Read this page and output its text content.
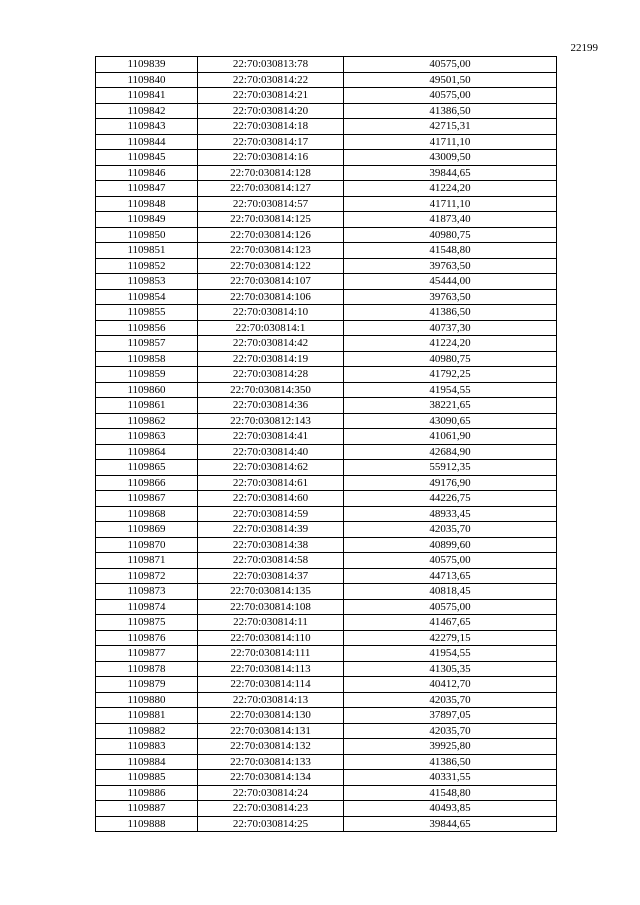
22199
1109839	22:70:030813:78	40575,00
1109840	22:70:030814:22	49501,50
1109841	22:70:030814:21	40575,00
1109842	22:70:030814:20	41386,50
1109843	22:70:030814:18	42715,31
1109844	22:70:030814:17	41711,10
1109845	22:70:030814:16	43009,50
1109846	22:70:030814:128	39844,65
1109847	22:70:030814:127	41224,20
1109848	22:70:030814:57	41711,10
1109849	22:70:030814:125	41873,40
1109850	22:70:030814:126	40980,75
1109851	22:70:030814:123	41548,80
1109852	22:70:030814:122	39763,50
1109853	22:70:030814:107	45444,00
1109854	22:70:030814:106	39763,50
1109855	22:70:030814:10	41386,50
1109856	22:70:030814:1	40737,30
1109857	22:70:030814:42	41224,20
1109858	22:70:030814:19	40980,75
1109859	22:70:030814:28	41792,25
1109860	22:70:030814:350	41954,55
1109861	22:70:030814:36	38221,65
1109862	22:70:030812:143	43090,65
1109863	22:70:030814:41	41061,90
1109864	22:70:030814:40	42684,90
1109865	22:70:030814:62	55912,35
1109866	22:70:030814:61	49176,90
1109867	22:70:030814:60	44226,75
1109868	22:70:030814:59	48933,45
1109869	22:70:030814:39	42035,70
1109870	22:70:030814:38	40899,60
1109871	22:70:030814:58	40575,00
1109872	22:70:030814:37	44713,65
1109873	22:70:030814:135	40818,45
1109874	22:70:030814:108	40575,00
1109875	22:70:030814:11	41467,65
1109876	22:70:030814:110	42279,15
1109877	22:70:030814:111	41954,55
1109878	22:70:030814:113	41305,35
1109879	22:70:030814:114	40412,70
1109880	22:70:030814:13	42035,70
1109881	22:70:030814:130	37897,05
1109882	22:70:030814:131	42035,70
1109883	22:70:030814:132	39925,80
1109884	22:70:030814:133	41386,50
1109885	22:70:030814:134	40331,55
1109886	22:70:030814:24	41548,80
1109887	22:70:030814:23	40493,85
1109888	22:70:030814:25	39844,65
